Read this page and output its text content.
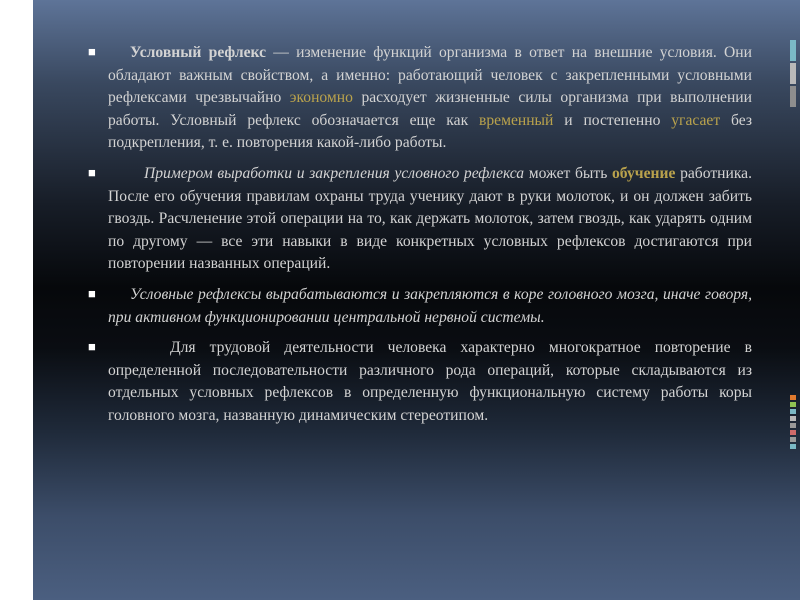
■	Условный рефлекс — изменение функций организма в ответ на внешние условия. Они обладают важным свойством, а именно: работающий человек с закрепленными условными рефлексами чрезвычайно экономно расходует жизненные силы организма при выполнении работы. Условный рефлекс обозначается еще как временный и постепенно угасает без подкрепления, т. е. повторения какой-либо работы.

■	Примером выработки и закрепления условного рефлекса может быть обучение работника. После его обучения правилам охраны труда ученику дают в руки молоток, и он должен забить гвоздь. Расчленение этой операции на то, как держать молоток, затем гвоздь, как ударять одним по другому — все эти навыки в виде конкретных условных рефлексов достигаются при повторении названных операций.

■	Условные рефлексы вырабатываются и закрепляются в коре головного мозга, иначе говоря, при активном функционировании центральной нервной системы.

■	Для трудовой деятельности человека характерно многократное повторение в определенной последовательности различного рода операций, которые складываются из отдельных условных рефлексов в определенную функциональную систему работы коры головного мозга, названную динамическим стереотипом.
